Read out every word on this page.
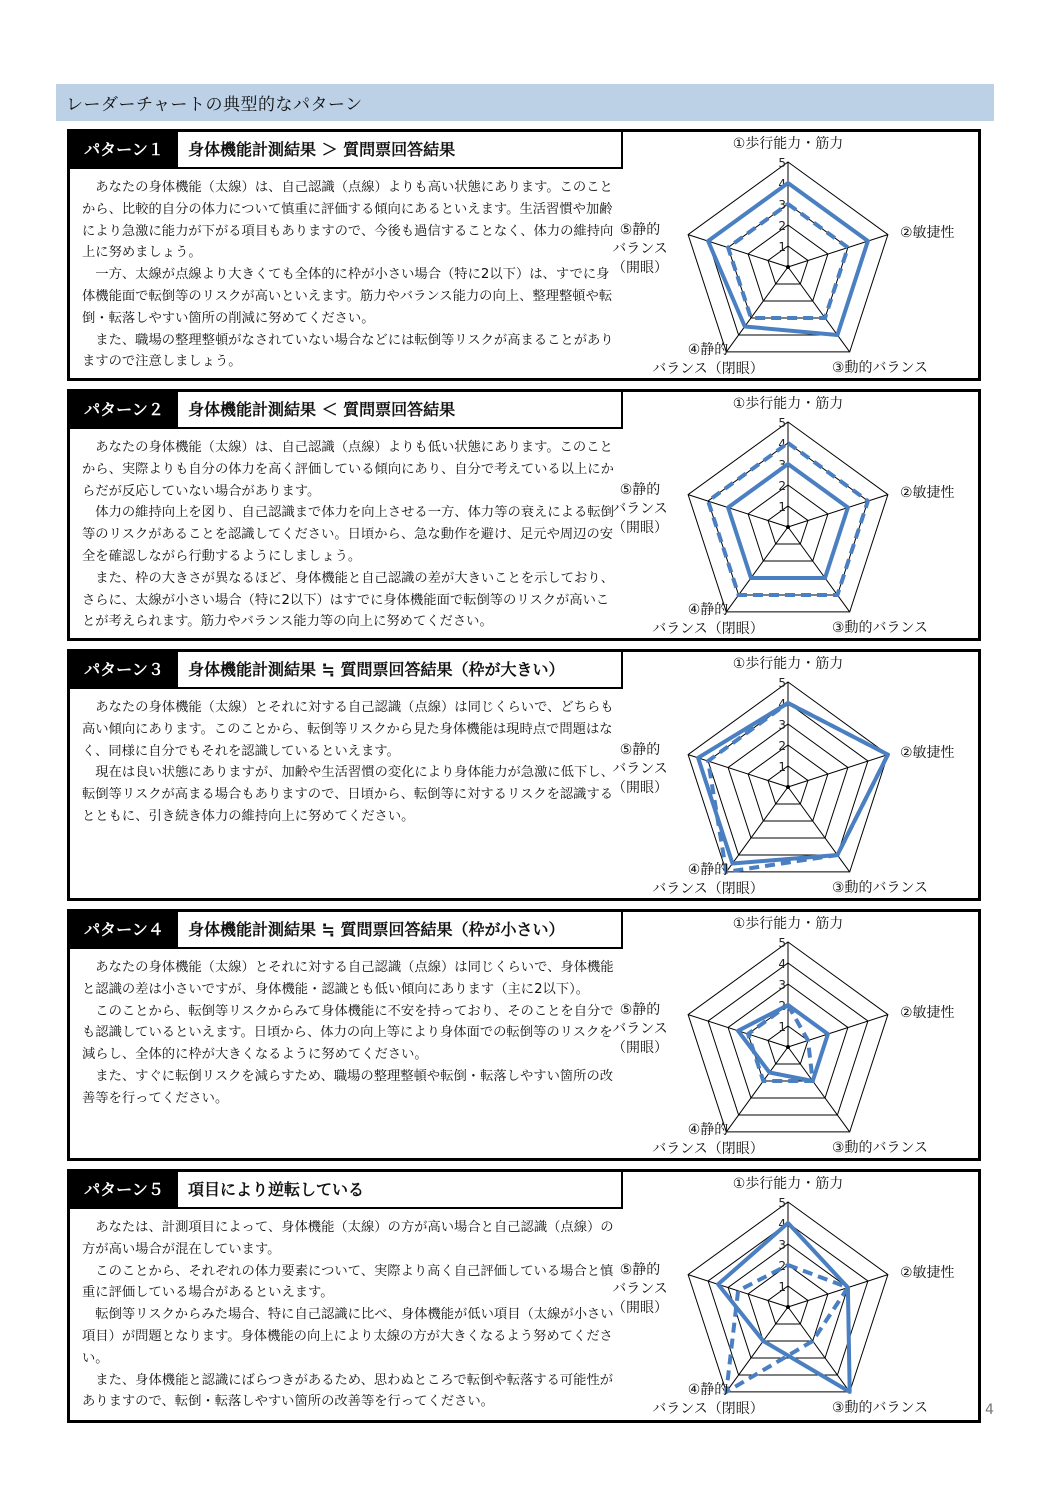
レーダーチャートの典型的なパターン
パターン１	身体機能計測結果 ＞ 質問票回答結果

あなたの身体機能（太線）は、自己認識（点線）よりも高い状態にあります。このことから、比較的自分の体力について慎重に評価する傾向にあるといえます。生活習慣や加齢により急激に能力が下がる項目もありますので、今後も過信することなく、体力の維持向上に努めましょう。

一方、太線が点線より大きくても全体的に枠が小さい場合（特に2以下）は、すでに身体機能面で転倒等のリスクが高いといえます。筋力やバランス能力の向上、整理整頓や転倒・転落しやすい箇所の削減に努めてください。

また、職場の整理整頓がなされていない場合などには転倒等リスクが高まることがありますので注意しましょう。

1
2
3
4
5
①歩行能力・筋力
②敏捷性
③動的バランス
④静的バランス（閉眼）
⑤静的バランス（開眼）
パターン２	身体機能計測結果 ＜ 質問票回答結果

あなたの身体機能（太線）は、自己認識（点線）よりも低い状態にあります。このことから、実際よりも自分の体力を高く評価している傾向にあり、自分で考えている以上にからだが反応していない場合があります。

体力の維持向上を図り、自己認識まで体力を向上させる一方、体力等の衰えによる転倒等のリスクがあることを認識してください。日頃から、急な動作を避け、足元や周辺の安全を確認しながら行動するようにしましょう。

また、枠の大きさが異なるほど、身体機能と自己認識の差が大きいことを示しており、さらに、太線が小さい場合（特に2以下）はすでに身体機能面で転倒等のリスクが高いことが考えられます。筋力やバランス能力等の向上に努めてください。

1
2
3
4
5
①歩行能力・筋力
②敏捷性
③動的バランス
④静的バランス（閉眼）
⑤静的バランス（開眼）
パターン３	身体機能計測結果 ≒ 質問票回答結果（枠が大きい）

あなたの身体機能（太線）とそれに対する自己認識（点線）は同じくらいで、どちらも高い傾向にあります。このことから、転倒等リスクから見た身体機能は現時点で問題はなく、同様に自分でもそれを認識しているといえます。

現在は良い状態にありますが、加齢や生活習慣の変化により身体能力が急激に低下し、転倒等リスクが高まる場合もありますので、日頃から、転倒等に対するリスクを認識するとともに、引き続き体力の維持向上に努めてください。

1
2
3
4
5
①歩行能力・筋力
②敏捷性
③動的バランス
④静的バランス（閉眼）
⑤静的バランス（開眼）
パターン４	身体機能計測結果 ≒ 質問票回答結果（枠が小さい）

あなたの身体機能（太線）とそれに対する自己認識（点線）は同じくらいで、身体機能と認識の差は小さいですが、身体機能・認識とも低い傾向にあります（主に2以下）。

このことから、転倒等リスクからみて身体機能に不安を持っており、そのことを自分でも認識しているといえます。日頃から、体力の向上等により身体面での転倒等のリスクを減らし、全体的に枠が大きくなるように努めてください。

また、すぐに転倒リスクを減らすため、職場の整理整頓や転倒・転落しやすい箇所の改善等を行ってください。

1
2
3
4
5
①歩行能力・筋力
②敏捷性
③動的バランス
④静的バランス（閉眼）
⑤静的バランス（開眼）
パターン５	項目により逆転している

あなたは、計測項目によって、身体機能（太線）の方が高い場合と自己認識（点線）の方が高い場合が混在しています。

このことから、それぞれの体力要素について、実際より高く自己評価している場合と慎重に評価している場合があるといえます。

転倒等リスクからみた場合、特に自己認識に比べ、身体機能が低い項目（太線が小さい項目）が問題となります。身体機能の向上により太線の方が大きくなるよう努めてください。

また、身体機能と認識にばらつきがあるため、思わぬところで転倒や転落する可能性がありますので、転倒・転落しやすい箇所の改善等を行ってください。

1
2
3
4
5
①歩行能力・筋力
②敏捷性
③動的バランス
④静的バランス（閉眼）
⑤静的バランス（開眼）
4
